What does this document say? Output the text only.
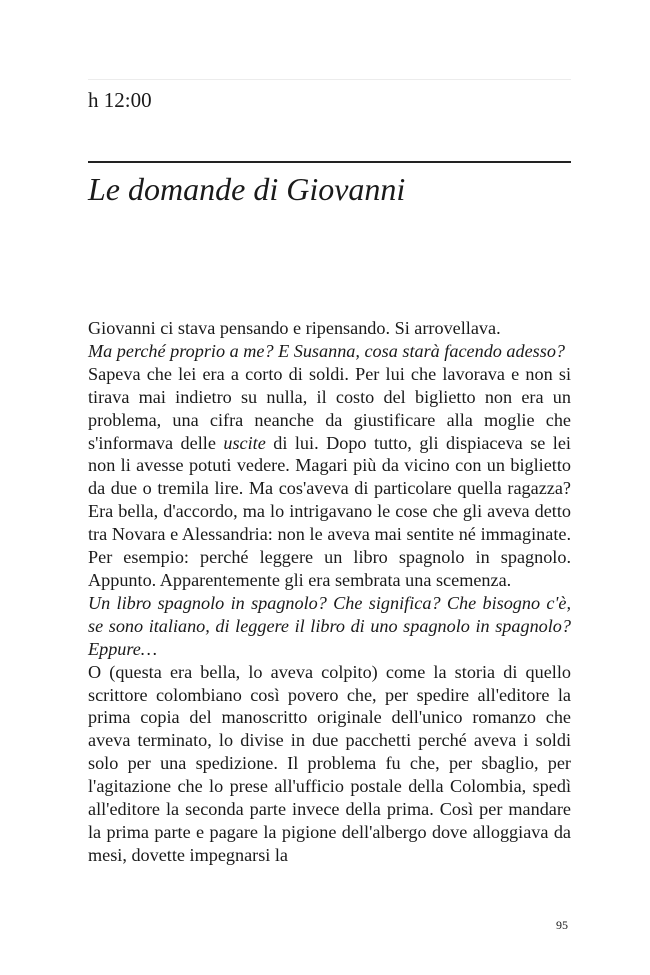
h 12:00
Le domande di Giovanni

Giovanni ci stava pensando e ripensando. Si arrovellava.

Ma perché proprio a me? E Susanna, cosa starà facendo adesso?

Sapeva che lei era a corto di soldi. Per lui che lavorava e non si tirava mai indietro su nulla, il costo del biglietto non era un problema, una cifra neanche da giustificare alla moglie che s'informava delle uscite di lui. Dopo tutto, gli dispiaceva se lei non li avesse potuti vedere. Magari più da vicino con un biglietto da due o tremila lire. Ma cos'aveva di particolare quella ragazza? Era bella, d'accordo, ma lo intrigavano le cose che gli aveva detto tra Novara e Alessandria: non le aveva mai sentite né immaginate. Per esempio: perché leggere un libro spagnolo in spagnolo. Appunto. Apparentemente gli era sembrata una scemenza.

Un libro spagnolo in spagnolo? Che significa? Che bisogno c'è, se sono italiano, di leggere il libro di uno spagnolo in spagnolo? Eppure…

O (questa era bella, lo aveva colpito) come la storia di quello scrittore colombiano così povero che, per spedire all'editore la prima copia del manoscritto originale dell'unico romanzo che aveva terminato, lo divise in due pacchetti perché aveva i soldi solo per una spedizione. Il problema fu che, per sbaglio, per l'agitazione che lo prese all'ufficio postale della Colombia, spedì all'editore la seconda parte invece della prima. Così per mandare la prima parte e pagare la pigione dell'albergo dove alloggiava da mesi, dovette impegnarsi la

95
